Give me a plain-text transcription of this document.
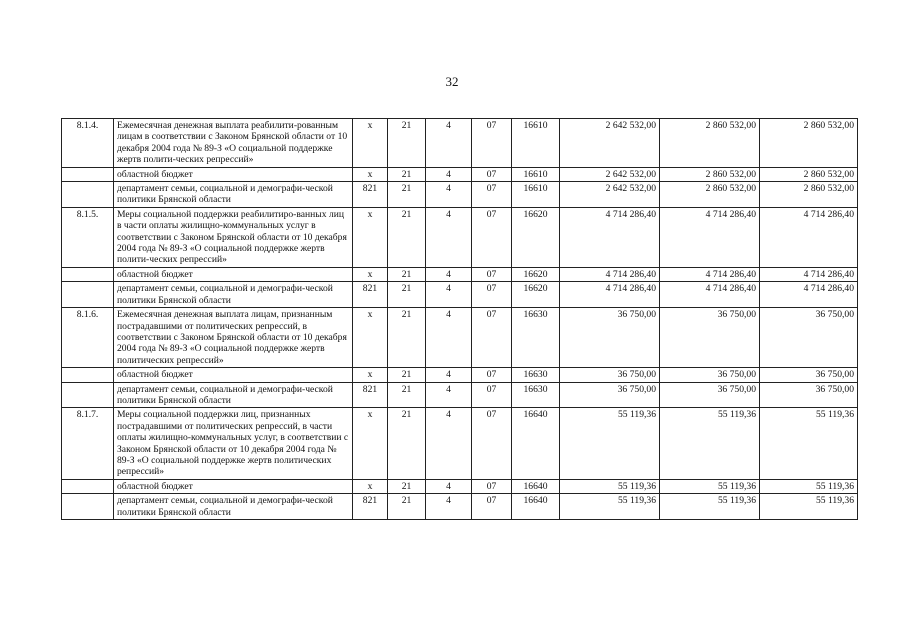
32
8.1.4.	Ежемесячная денежная выплата реабилити-рованным лицам в соответствии с Законом Брянской области от 10 декабря 2004 года № 89-З «О социальной поддержке жертв полити-ческих репрессий»	х	21	4	07	16610	2 642 532,00	2 860 532,00	2 860 532,00
	областной бюджет	х	21	4	07	16610	2 642 532,00	2 860 532,00	2 860 532,00
	департамент семьи, социальной и демографи-ческой политики Брянской области	821	21	4	07	16610	2 642 532,00	2 860 532,00	2 860 532,00
8.1.5.	Меры социальной поддержки реабилитиро-ванных лиц в части оплаты жилищно-коммунальных услуг в соответствии с Законом Брянской области от 10 декабря 2004 года № 89-З «О социальной поддержке жертв полити-ческих репрессий»	х	21	4	07	16620	4 714 286,40	4 714 286,40	4 714 286,40
	областной бюджет	х	21	4	07	16620	4 714 286,40	4 714 286,40	4 714 286,40
	департамент семьи, социальной и демографи-ческой политики Брянской области	821	21	4	07	16620	4 714 286,40	4 714 286,40	4 714 286,40
8.1.6.	Ежемесячная денежная выплата лицам, признанным пострадавшими от политических репрессий, в соответствии с Законом Брянской области от 10 декабря 2004 года № 89-З «О социальной поддержке жертв политических репрессий»	х	21	4	07	16630	36 750,00	36 750,00	36 750,00
	областной бюджет	х	21	4	07	16630	36 750,00	36 750,00	36 750,00
	департамент семьи, социальной и демографи-ческой политики Брянской области	821	21	4	07	16630	36 750,00	36 750,00	36 750,00
8.1.7.	Меры социальной поддержки лиц, признанных пострадавшими от политических репрессий, в части оплаты жилищно-коммунальных услуг, в соответствии с Законом Брянской области от 10 декабря 2004 года № 89-З «О социальной поддержке жертв политических репрессий»	х	21	4	07	16640	55 119,36	55 119,36	55 119,36
	областной бюджет	х	21	4	07	16640	55 119,36	55 119,36	55 119,36
	департамент семьи, социальной и демографи-ческой политики Брянской области	821	21	4	07	16640	55 119,36	55 119,36	55 119,36
